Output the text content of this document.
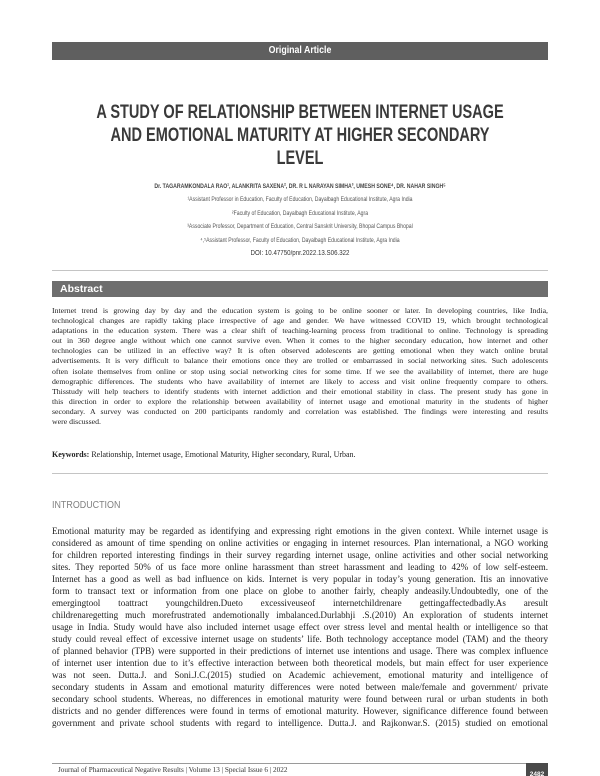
Original Article
A STUDY OF RELATIONSHIP BETWEEN INTERNET USAGE
AND EMOTIONAL MATURITY AT HIGHER SECONDARY
LEVEL
Dr. TAGARAMKONDALA RAO¹, ALANKRITA SAXENA², DR. R L NARAYAN SIMHA³, UMESH SONE⁴, DR. NAHAR SINGH⁵
¹Assistant Professor in Education, Faculty of Education, Dayalbagh Educational Institute, Agra India
²Faculty of Education, Dayalbagh Educational Institute, Agra
³Associate Professor, Department of Education, Central Sanskrit University, Bhopal Campus Bhopal
⁴,⁵Assistant Professor, Faculty of Education, Dayalbagh Educational Institute, Agra India
DOI: 10.47750/pnr.2022.13.S06.322
Abstract
Internet trend is growing day by day and the education system is going to be online sooner or later. In developing countries, like India,
technological changes are rapidly taking place irrespective of age and gender. We have witnessed COVID 19, which brought technological
adaptations in the education system. There was a clear shift of teaching-learning process from traditional to online. Technology is spreading
out in 360 degree angle without which one cannot survive even. When it comes to the higher secondary education, how internet and other
technologies can be utilized in an effective way? It is often observed adolescents are getting emotional when they watch online brutal
advertisements. It is very difficult to balance their emotions once they are trolled or embarrassed in social networking sites. Such adolescents
often isolate themselves from online or stop using social networking cites for some time. If we see the availability of internet, there are huge
demographic differences. The students who have availability of internet are likely to access and visit online frequently compare to others.
Thisstudy will help teachers to identify students with internet addiction and their emotional stability in class. The present study has gone in
this direction in order to explore the relationship between availability of internet usage and emotional maturity in the students of higher
secondary. A survey was conducted on 200 participants randomly and correlation was established. The findings were interesting and results
were discussed.
Keywords: Relationship, Internet usage, Emotional Maturity, Higher secondary, Rural, Urban.
INTRODUCTION
Emotional maturity may be regarded as identifying and expressing right emotions in the given context. While internet usage is
considered as amount of time spending on online activities or engaging in internet resources. Plan international, a NGO working
for children reported interesting findings in their survey regarding internet usage, online activities and other social networking
sites. They reported 50% of us face more online harassment than street harassment and leading to 42% of low self-esteem.
Internet has a good as well as bad influence on kids. Internet is very popular in today’s young generation. Itis an innovative
form to transact text or information from one place on globe to another fairly, cheaply andeasily.Undoubtedly, one of the
emergingtool toattract youngchildren.Dueto excessiveuseof internetchildrenare gettingaffectedbadly.As aresult
childrenaregetting much morefrustrated andemotionally imbalanced.Durlabhji .S.(2010) An exploration of students internet
usage in India. Study would have also included internet usage effect over stress level and mental health or intelligence so that
study could reveal effect of excessive internet usage on students’ life. Both technology acceptance model (TAM) and the theory
of planned behavior (TPB) were supported in their predictions of internet use intentions and usage. There was complex influence
of internet user intention due to it’s effective interaction between both theoretical models, but main effect for user experience
was not seen. Dutta.J. and Soni.J.C.(2015) studied on Academic achievement, emotional maturity and intelligence of
secondary students in Assam and emotional maturity differences were noted between male/female and government/ private
secondary school students. Whereas, no differences in emotional maturity were found between rural or urban students in both
districts and no gender differences were found in terms of emotional maturity. However, significance difference found between
government and private school students with regard to intelligence. Dutta.J. and Rajkonwar.S. (2015) studied on emotional
Journal of Pharmaceutical Negative Results | Volume 13 | Special Issue 6 | 2022
2482
